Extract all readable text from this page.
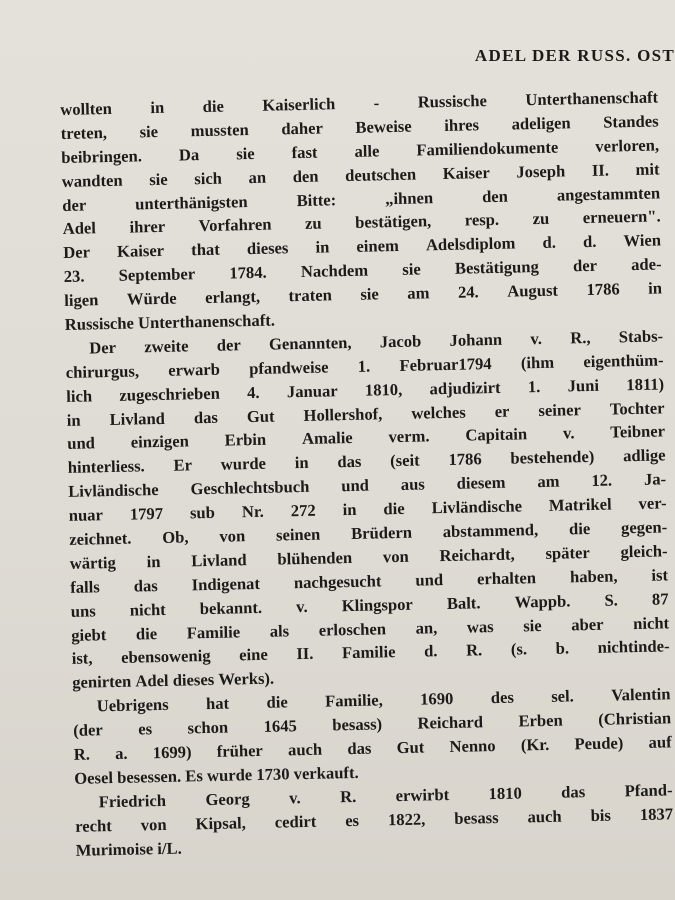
ADEL DER RUSS. OST
wollten in die Kaiserlich - Russische Unterthanenschaft
treten, sie mussten daher Beweise ihres adeligen Standes
beibringen. Da sie fast alle Familiendokumente verloren,
wandten sie sich an den deutschen Kaiser Joseph II. mit
der	unterthänigsten	Bitte:	„ihnen	den	angestammten
Adel ihrer Vorfahren zu bestätigen, resp. zu erneuern".
Der Kaiser that dieses in einem Adelsdiplom d. d. Wien
23. September 1784. Nachdem sie Bestätigung der ade-
ligen Würde erlangt, traten sie am 24. August 1786 in
Russische Unterthanenschaft.
Der zweite der Genannten, Jacob Johann v. R., Stabs-
chirurgus, erwarb pfandweise 1. Februar1794 (ihm eigenthüm-
lich zugeschrieben 4. Januar 1810, adjudizirt 1. Juni 1811)
in Livland das Gut Hollershof, welches er seiner Tochter
und einzigen Erbin Amalie verm. Capitain v. Teibner
hinterliess. Er wurde in das (seit 1786 bestehende) adlige
Livländische Geschlechtsbuch und aus diesem am 12. Ja-
nuar 1797 sub Nr. 272 in die Livländische Matrikel ver-
zeichnet. Ob, von seinen Brüdern abstammend, die gegen-
wärtig in Livland blühenden von Reichardt, später gleich-
falls das Indigenat nachgesucht und erhalten haben, ist
uns nicht bekannt. v. Klingspor Balt. Wappb. S. 87
giebt die Familie als erloschen an, was sie aber nicht
ist, ebensowenig eine II. Familie d. R. (s. b. nichtinde-
genirten Adel dieses Werks).
Uebrigens hat die Familie, 1690 des sel. Valentin
(der es schon 1645 besass) Reichard Erben (Christian
R. a. 1699) früher auch das Gut Nenno (Kr. Peude) auf
Oesel besessen. Es wurde 1730 verkauft.
Friedrich Georg v. R. erwirbt 1810 das Pfand-
recht von Kipsal, cedirt es 1822, besass auch bis 1837
Murimoise i/L.
